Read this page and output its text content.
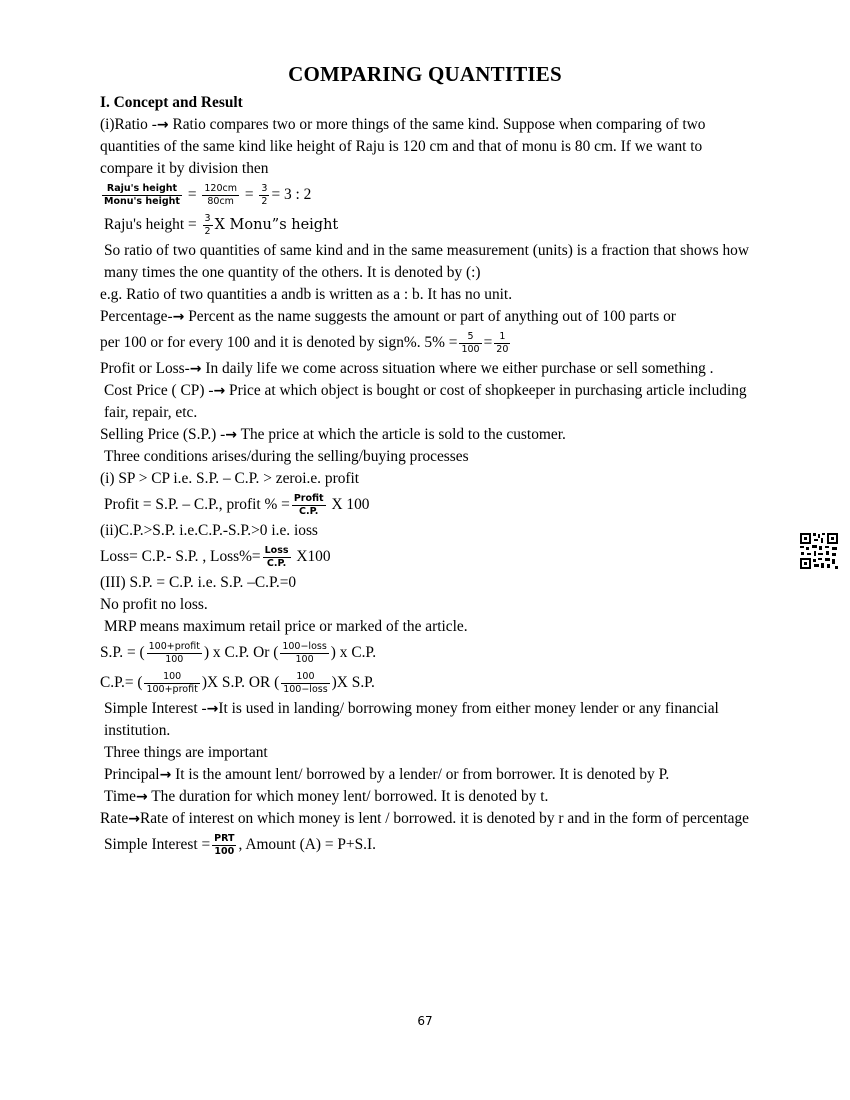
COMPARING QUANTITIES
I. Concept and Result
(i)Ratio -→ Ratio compares two or more things of the same kind. Suppose when comparing of two quantities of the same kind like height of Raju is 120 cm and that of monu is 80 cm. If we want to compare it by division then
$\frac{\text{Raju's height}}{\text{Monu's height}} = \frac{120cm}{80cm} = \frac{3}{2} = 3$ : 2
Raju's height = $\frac{3}{2}$ X Monu”s height
So ratio of two quantities of same kind and in the same measurement (units) is a fraction that shows how many times the one quantity of the others. It is denoted by (:)
e.g. Ratio of two quantities a andb is written as a : b. It has no unit.
Percentage-→ Percent as the name suggests the amount or part of anything out of 100 parts or
per 100 or for every 100 and it is denoted by sign%. $5\% = \frac{5}{100} = \frac{1}{20}$
Profit or Loss-→ In daily life we come across situation where we either purchase or sell something .
Cost Price ( CP) -→ Price at which object is bought or cost of shopkeeper in purchasing article including fair, repair, etc.
Selling Price (S.P.) -→ The price at which the article is sold to the customer.
Three conditions arises/during the selling/buying processes
(i) SP > CP i.e. S.P. – C.P. > zeroi.e. profit
Profit = S.P. – C.P., profit % = $\frac{\text{Profit}}{C.P.}$ X 100
(ii)C.P.>S.P. i.e.C.P.-S.P.>0 i.e. ioss
Loss= C.P.- S.P. , Loss%= $\frac{\text{Loss}}{C.P.} X100$
(III) S.P. = C.P. i.e. S.P. –C.P.=0
No profit no loss.
MRP means maximum retail price or marked of the article.
S.P. = ( $\frac{\text{100+profit}}{100}$ ) x C.P. Or ( $\frac{\text{100−loss}}{100}$ ) x C.P.
C.P.= ( $\frac{100}{\text{100+profit}} )X$ S.P. OR ( $\frac{100}{\text{100−loss}} )X$ S.P.
Simple Interest -→It is used in landing/ borrowing money from either money lender or any financial institution.
Three things are important
Principal→ It is the amount lent/ borrowed by a lender/ or from borrower. It is denoted by P.
Time→ The duration for which money lent/ borrowed. It is denoted by t.
Rate→Rate of interest on which money is lent / borrowed. it is denoted by r and in the form of percentage
Simple Interest = $\frac{\text{PRT}}{100}$ , Amount (A) = P+S.I.
67
